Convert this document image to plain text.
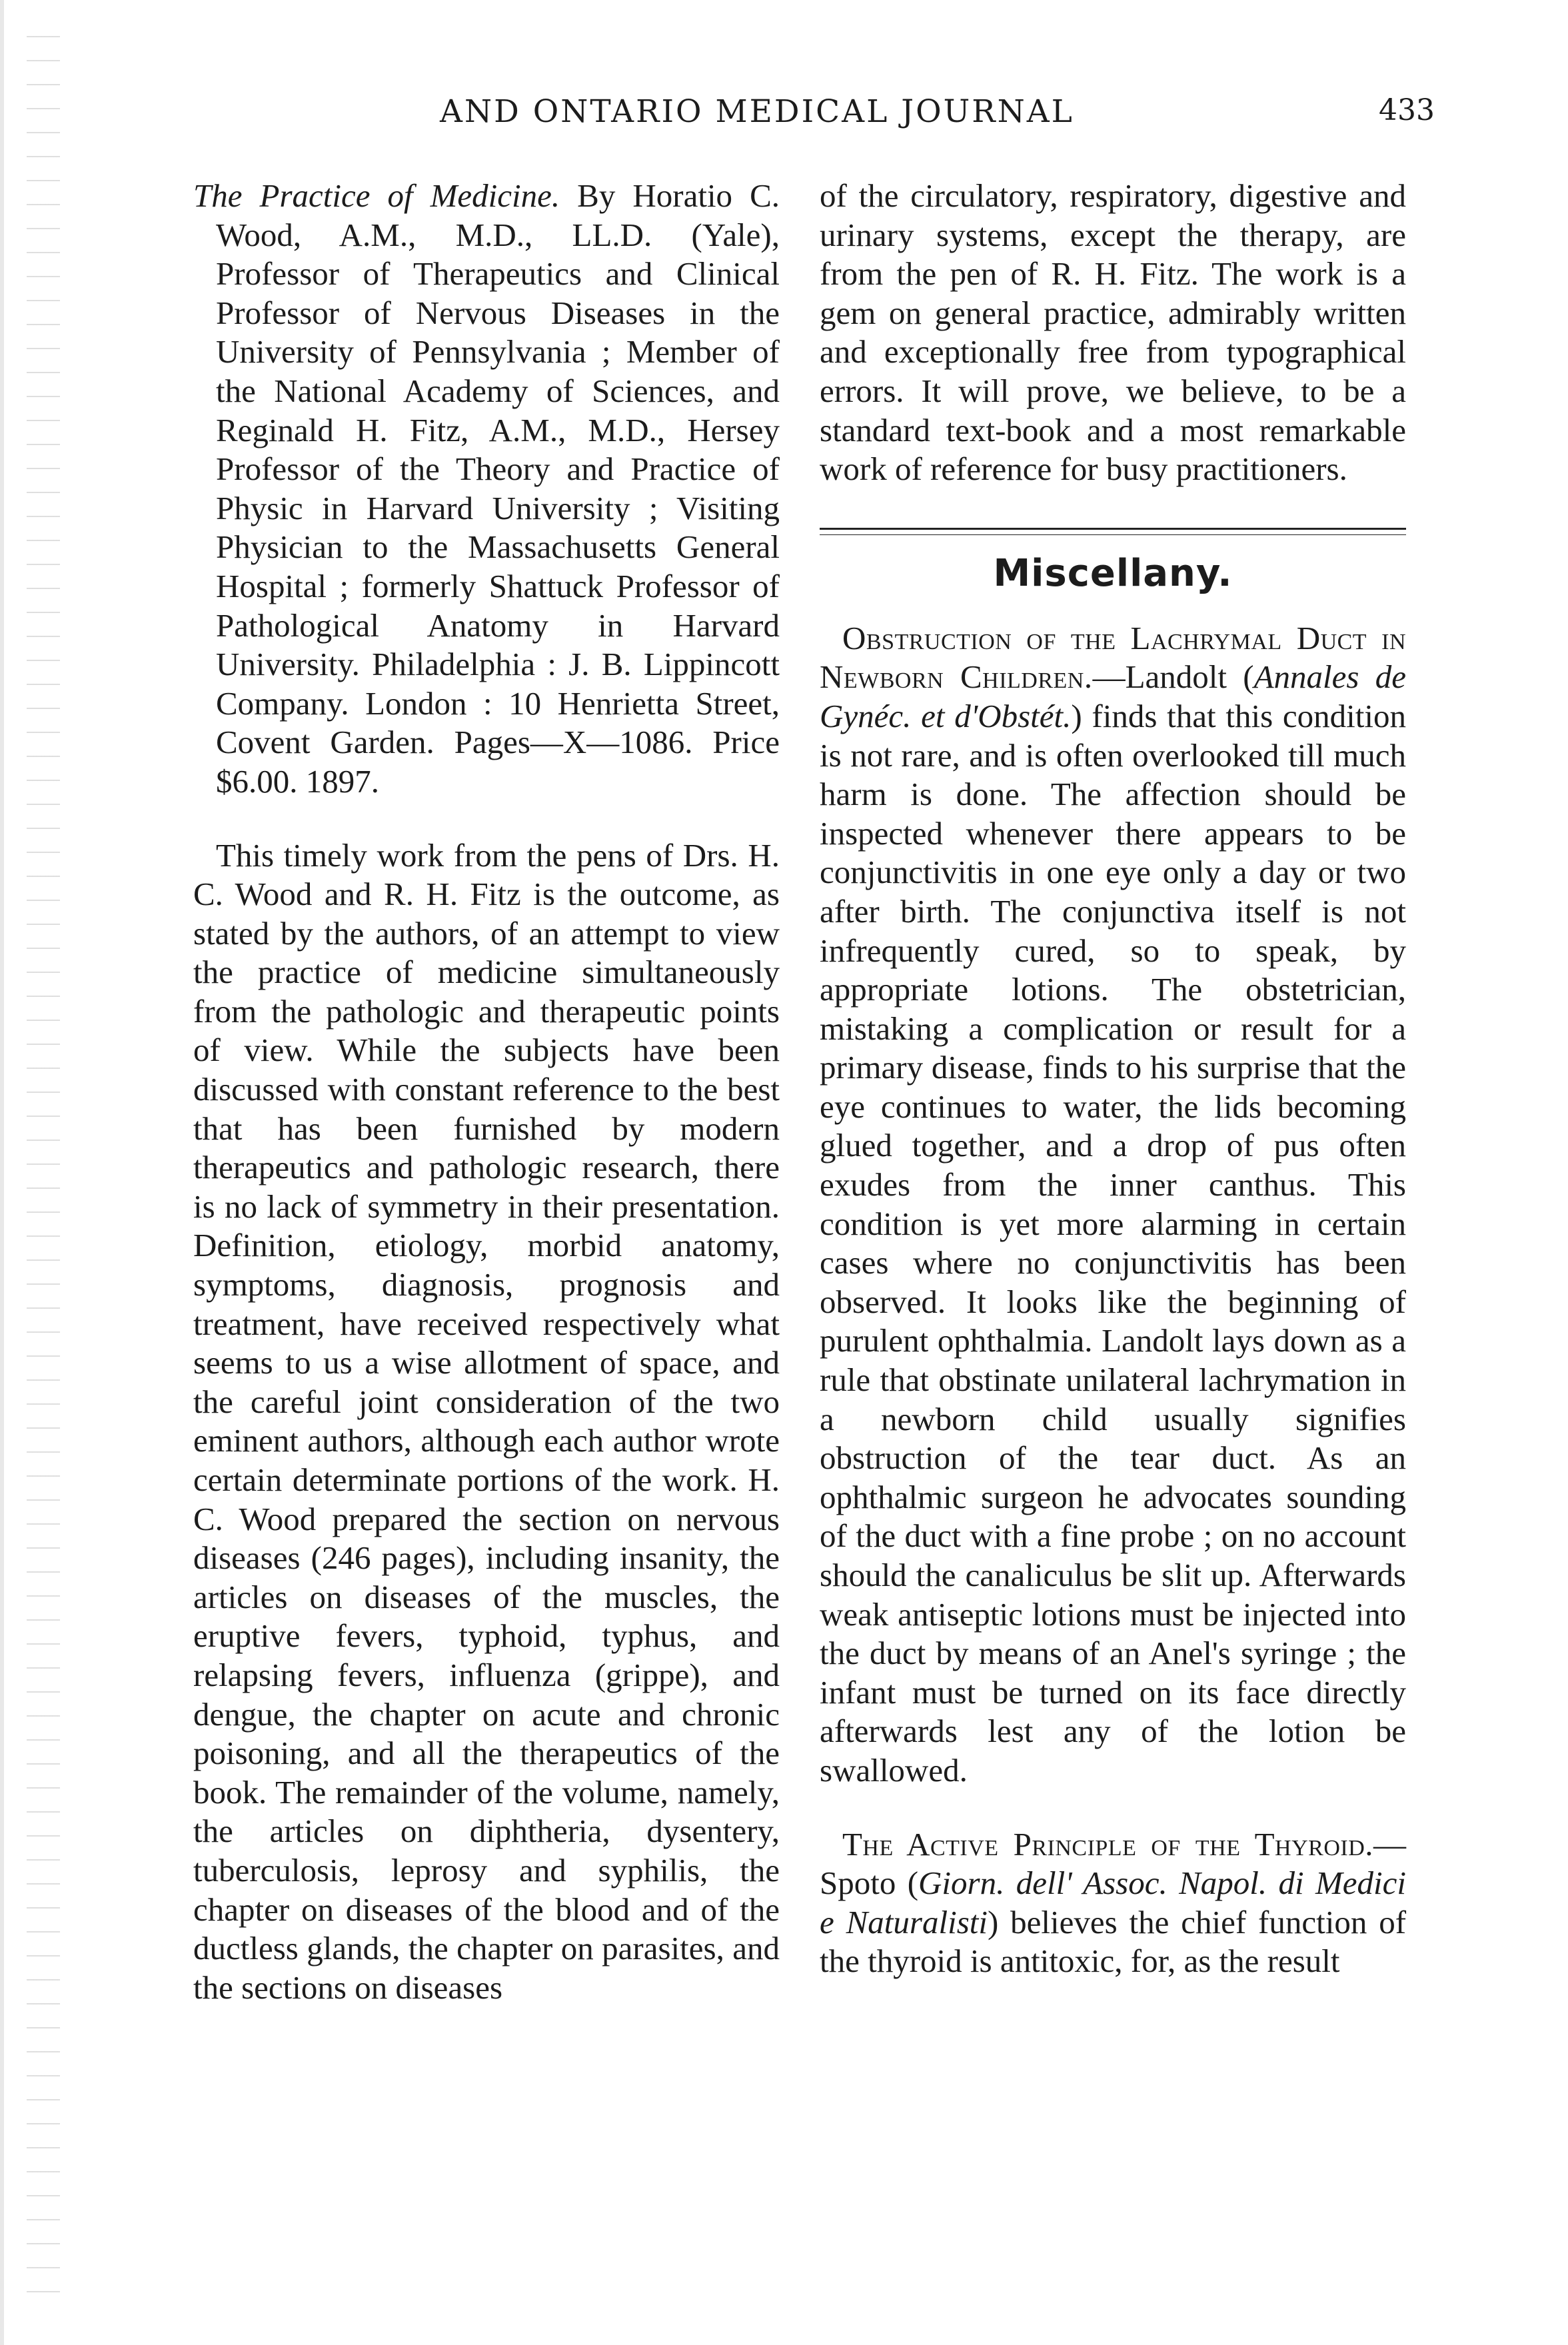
AND ONTARIO MEDICAL JOURNAL	433

The Practice of Medicine. By Horatio C. Wood, A.M., M.D., LL.D. (Yale), Professor of Therapeutics and Clinical Professor of Nervous Diseases in the University of Pennsylvania ; Member of the National Academy of Sciences, and Reginald H. Fitz, A.M., M.D., Hersey Professor of the Theory and Practice of Physic in Harvard University ; Visiting Physician to the Massachusetts General Hospital ; formerly Shattuck Professor of Pathological Anatomy in Harvard University. Philadelphia : J. B. Lippincott Company. London : 10 Henrietta Street, Covent Garden. Pages—X—1086. Price $6.00. 1897.

This timely work from the pens of Drs. H. C. Wood and R. H. Fitz is the outcome, as stated by the authors, of an attempt to view the practice of medicine simultaneously from the pathologic and therapeutic points of view. While the subjects have been discussed with constant reference to the best that has been furnished by modern therapeutics and pathologic research, there is no lack of symmetry in their presentation. Definition, etiology, morbid anatomy, symptoms, diagnosis, prognosis and treatment, have received respectively what seems to us a wise allotment of space, and the careful joint consideration of the two eminent authors, although each author wrote certain determinate portions of the work. H. C. Wood prepared the section on nervous diseases (246 pages), including insanity, the articles on diseases of the muscles, the eruptive fevers, typhoid, typhus, and relapsing fevers, influenza (grippe), and dengue, the chapter on acute and chronic poisoning, and all the therapeutics of the book. The remainder of the volume, namely, the articles on diphtheria, dysentery, tuberculosis, leprosy and syphilis, the chapter on diseases of the blood and of the ductless glands, the chapter on parasites, and the sections on diseases

of the circulatory, respiratory, digestive and urinary systems, except the therapy, are from the pen of R. H. Fitz. The work is a gem on general practice, admirably written and exceptionally free from typographical errors. It will prove, we believe, to be a standard text-book and a most remarkable work of reference for busy practitioners.

Miscellany.

Obstruction of the Lachrymal Duct in Newborn Children.—Landolt (Annales de Gynéc. et d'Obstét.) finds that this condition is not rare, and is often overlooked till much harm is done. The affection should be inspected whenever there appears to be conjunctivitis in one eye only a day or two after birth. The conjunctiva itself is not infrequently cured, so to speak, by appropriate lotions. The obstetrician, mistaking a complication or result for a primary disease, finds to his surprise that the eye continues to water, the lids becoming glued together, and a drop of pus often exudes from the inner canthus. This condition is yet more alarming in certain cases where no conjunctivitis has been observed. It looks like the beginning of purulent ophthalmia. Landolt lays down as a rule that obstinate unilateral lachrymation in a newborn child usually signifies obstruction of the tear duct. As an ophthalmic surgeon he advocates sounding of the duct with a fine probe ; on no account should the canaliculus be slit up. Afterwards weak antiseptic lotions must be injected into the duct by means of an Anel's syringe ; the infant must be turned on its face directly afterwards lest any of the lotion be swallowed.

The Active Principle of the Thyroid.—Spoto (Giorn. dell' Assoc. Napol. di Medici e Naturalisti) believes the chief function of the thyroid is antitoxic, for, as the result
